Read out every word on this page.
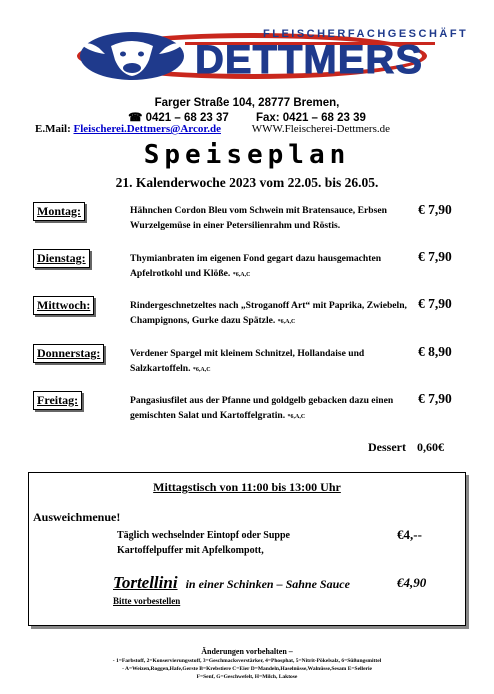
FLEISCHERFACHGESCHÄFT
DETTMERS
Farger Straße 104, 28777 Bremen,
☎ 0421 – 68 23 37 Fax: 0421 – 68 23 39
E.Mail: Fleischerei.Dettmers@Arcor.de	WWW.Fleischerei-Dettmers.de
Speiseplan
21. Kalenderwoche 2023 vom 22.05. bis 26.05.
Montag:	Hähnchen Cordon Bleu vom Schwein mit Bratensauce, Erbsen Wurzelgemüse in einer Petersilienrahm und Röstis.
€ 7,90
Dienstag:	Thymianbraten im eigenen Fond gegart dazu hausgemachten Apfelrotkohl und Klöße. *6,A,C
€ 7,90
Mittwoch:	Rindergeschnetzeltes nach „Stroganoff Art“ mit Paprika, Zwiebeln, Champignons, Gurke dazu Spätzle. *6,A,C
€ 7,90
Donnerstag:	Verdener Spargel mit kleinem Schnitzel, Hollandaise und Salzkartoffeln. *6,A,C
€ 8,90
Freitag:	Pangasiusfilet aus der Pfanne und goldgelb gebacken dazu einen gemischten Salat und Kartoffelgratin. *6,A,C
€ 7,90
Dessert 0,60€
Mittagstisch von 11:00 bis 13:00 Uhr
Ausweichmenue!
Täglich wechselnder Eintopf oder Suppe
Kartoffelpuffer mit Apfelkompott,
€4,--
Tortellini in einer Schinken – Sahne Sauce	€4,90
Bitte vorbestellen
Änderungen vorbehalten –
- 1=Farbstoff, 2=Konservierungsstoff, 3=Geschmacksverstärker, 4=Phosphat, 5=Nitrit-Pökelsalz, 6=Süßungsmittel
- A=Weizen,Roggen,Hafe,Gerste B=Krebstiere C=Eier D=Mandeln,Haselnüsse,Walnüsse,Sesam E=Sellerie
F=Senf, G=Geschwefelt, H=Milch, Laktose
